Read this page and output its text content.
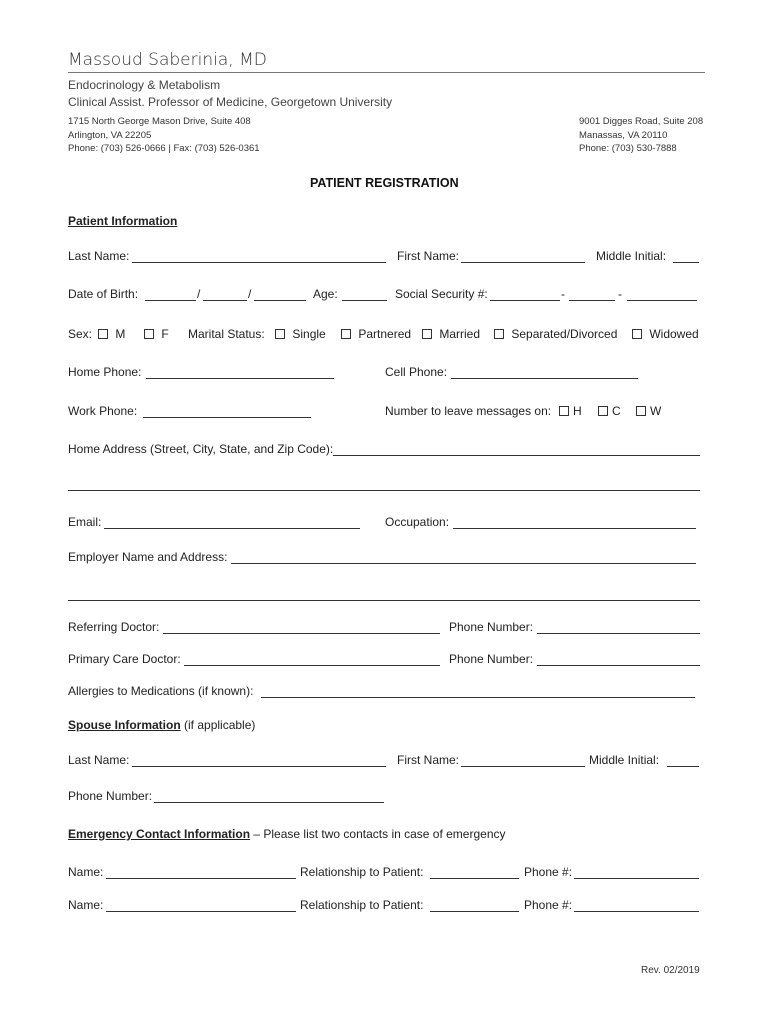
Massoud Saberinia, MD
Endocrinology & Metabolism
Clinical Assist. Professor of Medicine, Georgetown University
1715 North George Mason Drive, Suite 408
Arlington, VA 22205
Phone: (703) 526-0666 | Fax: (703) 526-0361
9001 Digges Road, Suite 208
Manassas, VA 20110
Phone: (703) 530-7888
PATIENT REGISTRATION
Patient Information
Last Name:	First Name:	Middle Initial:
Date of Birth:	/	/	Age:	Social Security #:	-	-
Sex:	M	F Marital Status:	Single	Partnered	Married	Separated/Divorced	Widowed
Home Phone:	Cell Phone:
Work Phone:	Number to leave messages on:	H	C	W
Home Address (Street, City, State, and Zip Code):
Email:	Occupation:
Employer Name and Address:
Referring Doctor:	Phone Number:
Primary Care Doctor:	Phone Number:
Allergies to Medications (if known):
Spouse Information (if applicable)
Last Name:	First Name:	Middle Initial:
Phone Number:
Emergency Contact Information – Please list two contacts in case of emergency
Name:	Relationship to Patient:	Phone #:
Name:	Relationship to Patient:	Phone #:
Rev. 02/2019
